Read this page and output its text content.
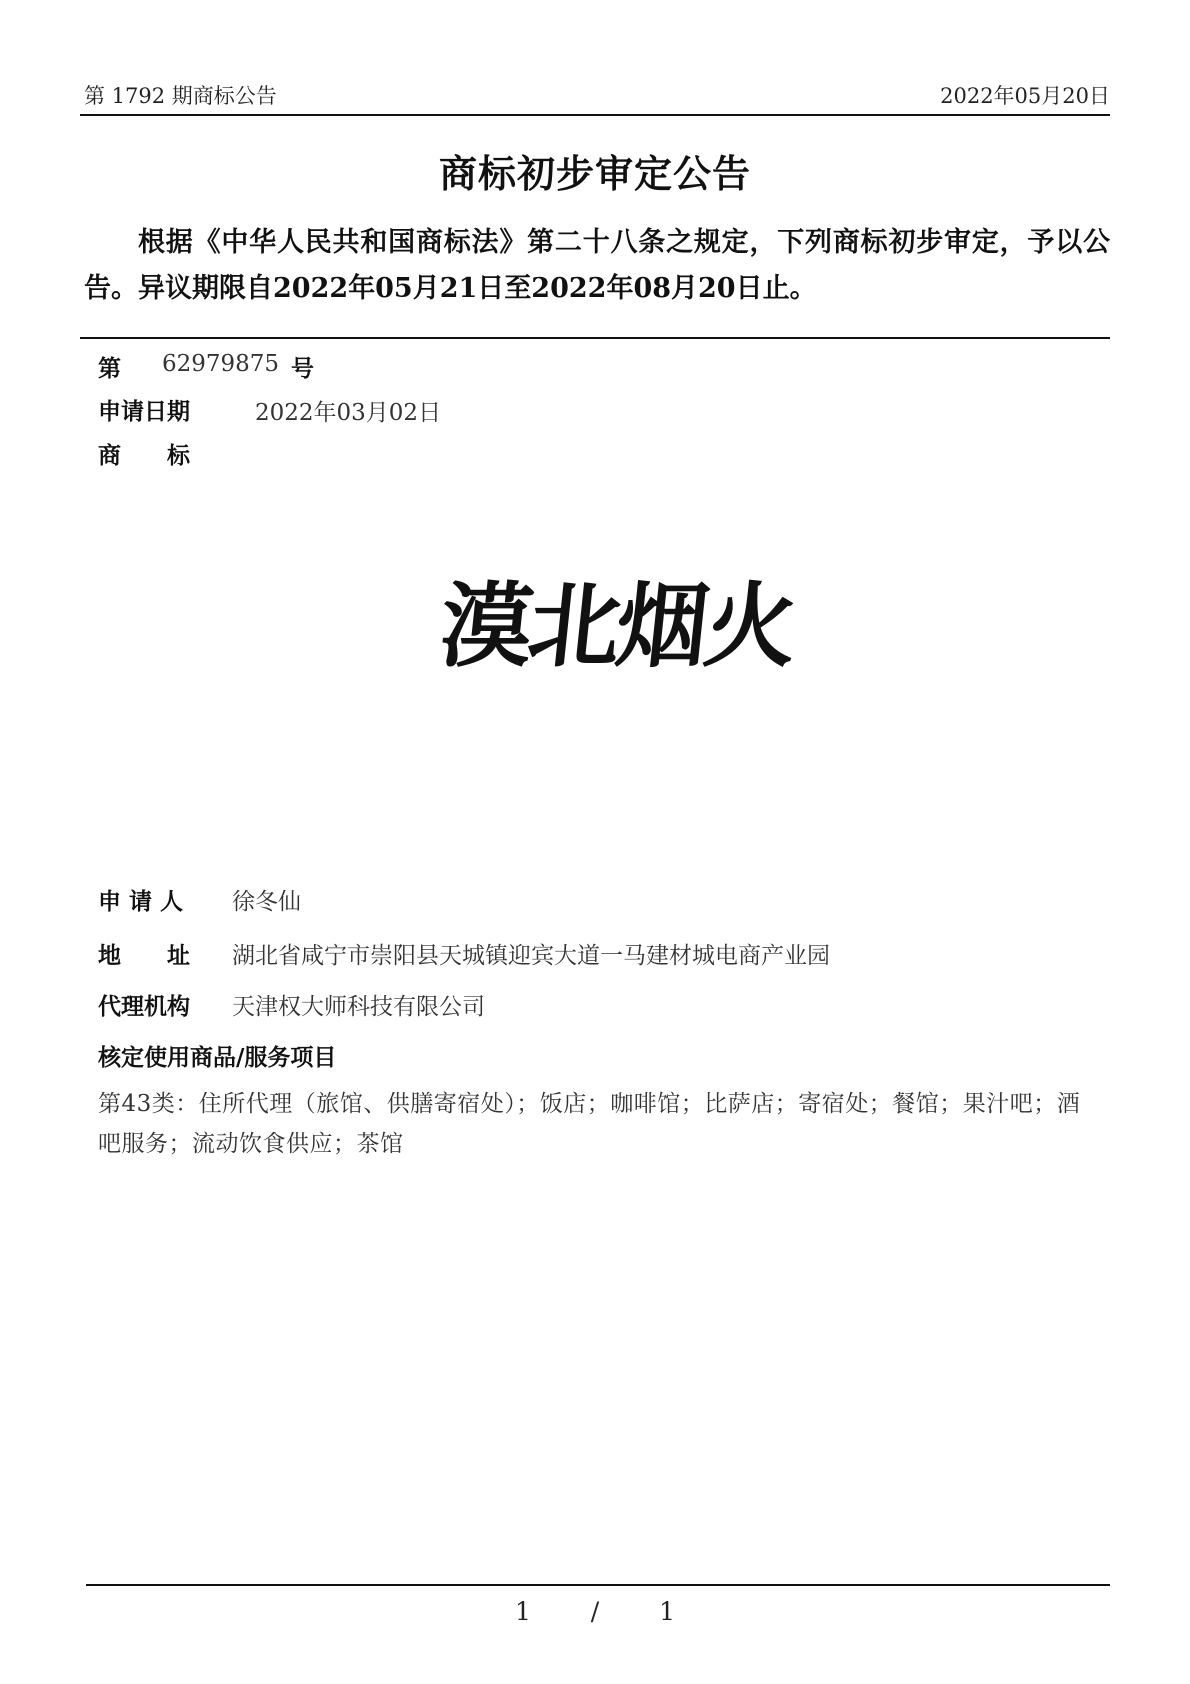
第 1792 期商标公告	2022年05月20日
商标初步审定公告
根据《中华人民共和国商标法》第二十八条之规定，下列商标初步审定，予以公告。异议期限自2022年05月21日至2022年08月20日止。
第 62979875 号
申请日期	2022年03月02日
商　　标
漠北烟火
申 请 人 徐冬仙
地　　址 湖北省咸宁市崇阳县天城镇迎宾大道一马建材城电商产业园
代理机构 天津权大师科技有限公司
核定使用商品/服务项目
第43类：住所代理（旅馆、供膳寄宿处）；饭店；咖啡馆；比萨店；寄宿处；餐馆；果汁吧；酒吧服务；流动饮食供应；茶馆
1 / 1
